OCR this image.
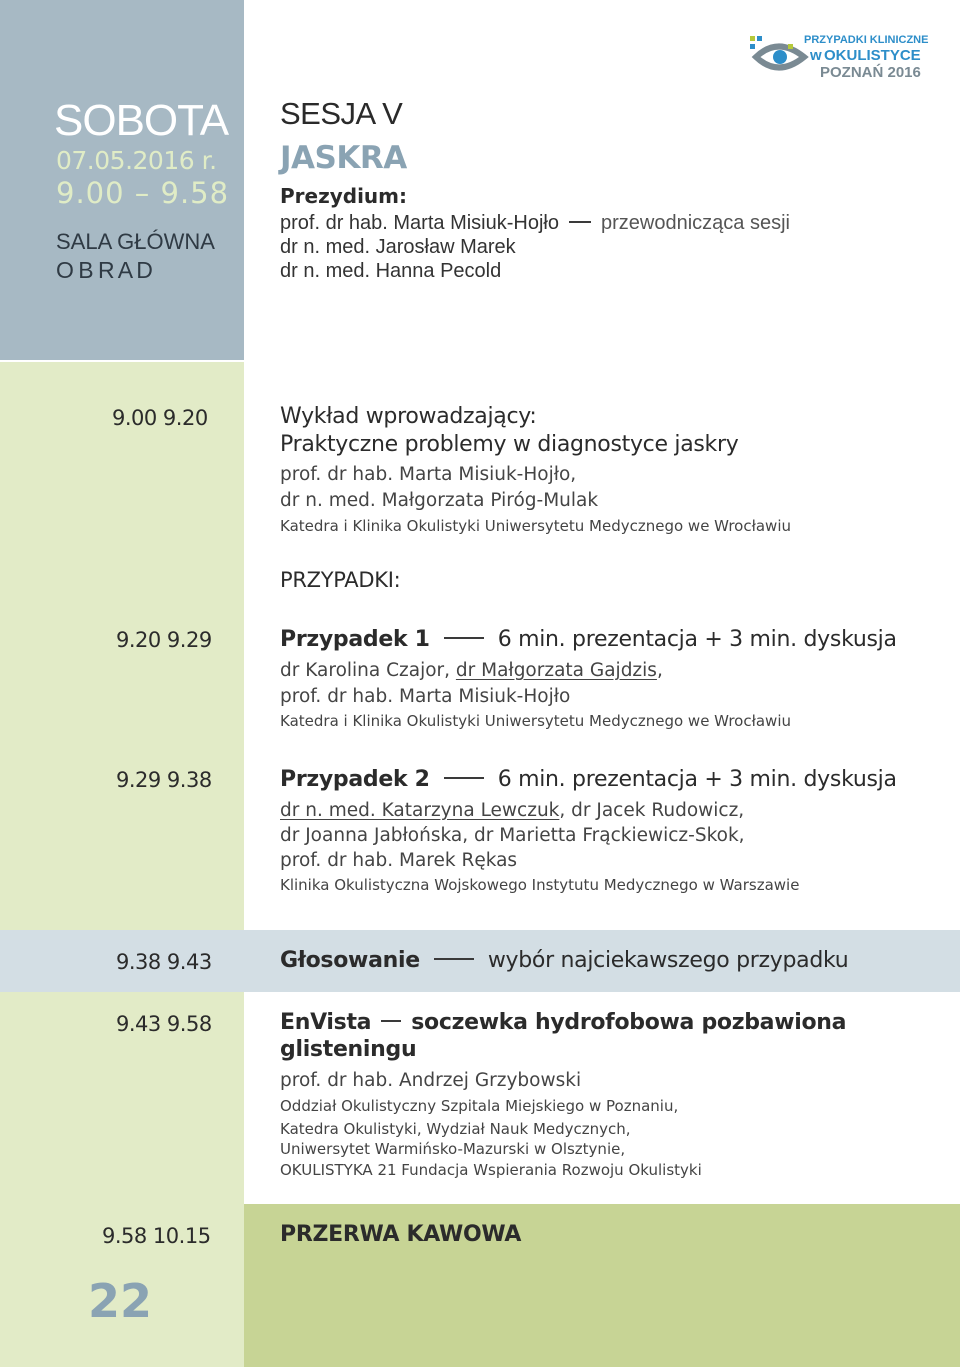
SOBOTA
07.05.2016 r.
9.00 – 9.58
SALA GŁÓWNA
O B R A D
PRZYPADKI KLINICZNE
w OKULISTYCE
POZNAŃ 2016
SESJA V
JASKRA
Prezydium:
prof. dr hab. Marta Misiuk-Hojło przewodnicząca sesji
dr n. med. Jarosław Marek
dr n. med. Hanna Pecold
9.00 9.20	Wykład wprowadzający:
Praktyczne problemy w diagnostyce jaskry
prof. dr hab. Marta Misiuk-Hojło,
dr n. med. Małgorzata Piróg-Mulak
Katedra i Klinika Okulistyki Uniwersytetu Medycznego we Wrocławiu
PRZYPADKI:
9.20 9.29	Przypadek 1	6 min. prezentacja + 3 min. dyskusja
dr Karolina Czajor, dr Małgorzata Gajdzis,
prof. dr hab. Marta Misiuk-Hojło
Katedra i Klinika Okulistyki Uniwersytetu Medycznego we Wrocławiu
9.29 9.38	Przypadek 2	6 min. prezentacja + 3 min. dyskusja
dr n. med. Katarzyna Lewczuk, dr Jacek Rudowicz,
dr Joanna Jabłońska, dr Marietta Frąckiewicz-Skok,
prof. dr hab. Marek Rękas
Klinika Okulistyczna Wojskowego Instytutu Medycznego w Warszawie
9.38 9.43	Głosowanie	wybór najciekawszego przypadku
9.43 9.58	EnVista soczewka hydrofobowa pozbawiona
glisteningu
prof. dr hab. Andrzej Grzybowski
Oddział Okulistyczny Szpitala Miejskiego w Poznaniu,
Katedra Okulistyki, Wydział Nauk Medycznych,
Uniwersytet Warmińsko-Mazurski w Olsztynie,
OKULISTYKA 21 Fundacja Wspierania Rozwoju Okulistyki
9.58 10.15	PRZERWA KAWOWA
22
